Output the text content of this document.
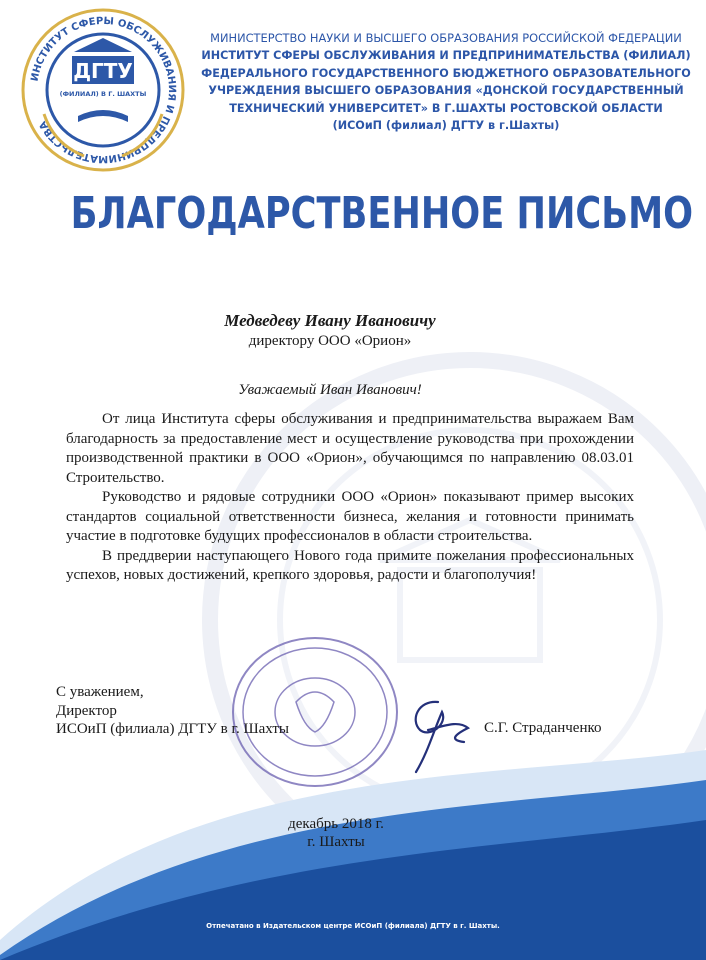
ИНСТИТУТ СФЕРЫ ОБСЛУЖИВАНИЯ И ПРЕДПРИНИМАТЕЛЬСТВА
ДГТУ
(ФИЛИАЛ) В Г. ШАХТЫ
МИНИСТЕРСТВО НАУКИ И ВЫСШЕГО ОБРАЗОВАНИЯ РОССИЙСКОЙ ФЕДЕРАЦИИ
ИНСТИТУТ СФЕРЫ ОБСЛУЖИВАНИЯ И ПРЕДПРИНИМАТЕЛЬСТВА (ФИЛИАЛ)
ФЕДЕРАЛЬНОГО ГОСУДАРСТВЕННОГО БЮДЖЕТНОГО ОБРАЗОВАТЕЛЬНОГО
УЧРЕЖДЕНИЯ ВЫСШЕГО ОБРАЗОВАНИЯ «ДОНСКОЙ ГОСУДАРСТВЕННЫЙ
ТЕХНИЧЕСКИЙ УНИВЕРСИТЕТ» В Г.ШАХТЫ РОСТОВСКОЙ ОБЛАСТИ
(ИСОиП (филиал) ДГТУ в г.Шахты)
БЛАГОДАРСТВЕННОЕ ПИСЬМО
Медведеву Ивану Ивановичу
директору ООО «Орион»
Уважаемый Иван Иванович!

От лица Института сферы обслуживания и предпринимательства выражаем Вам благодарность за предоставление мест и осуществление руководства при прохождении производственной практики в ООО «Орион», обучающимся по направлению 08.03.01 Строительство.

Руководство и рядовые сотрудники ООО «Орион» показывают пример высоких стандартов социальной ответственности бизнеса, желания и готовности принимать участие в подготовке будущих профессионалов в области строительства.

В преддверии наступающего Нового года примите пожелания профессиональных успехов, новых достижений, крепкого здоровья, радости и благополучия!

С уважением,
Директор
ИСОиП (филиала) ДГТУ в г. Шахты	С.Г. Страданченко
декабрь 2018 г.
г. Шахты
Отпечатано в Издательском центре ИСОиП (филиала) ДГТУ в г. Шахты.
